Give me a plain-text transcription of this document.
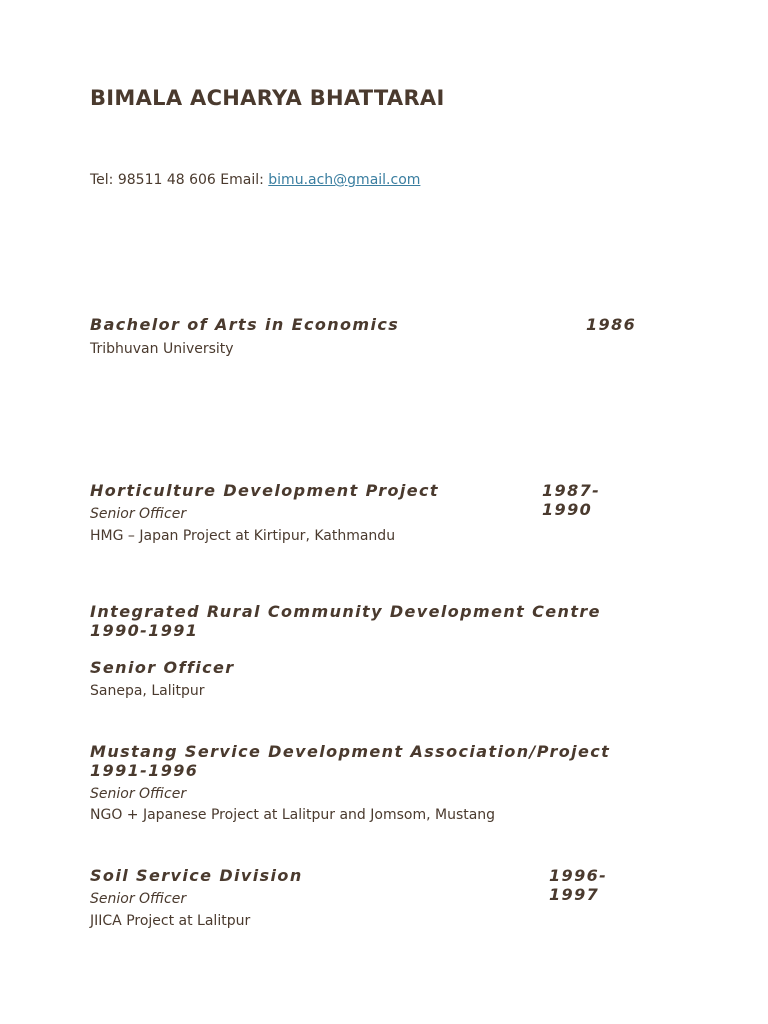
BIMALA ACHARYA BHATTARAI
Tel: 98511 48 606 Email: bimu.ach@gmail.com
Bachelor of Arts in Economics	1986
Tribhuvan University
Horticulture Development Project	1987-1990
Senior Officer
HMG – Japan Project at Kirtipur, Kathmandu
Integrated Rural Community Development Centre 1990-1991
Senior Officer
Sanepa, Lalitpur
Mustang Service Development Association/Project 1991-1996
Senior Officer
NGO + Japanese Project at Lalitpur and Jomsom, Mustang
Soil Service Division	1996-1997
Senior Officer
JIICA Project at Lalitpur
